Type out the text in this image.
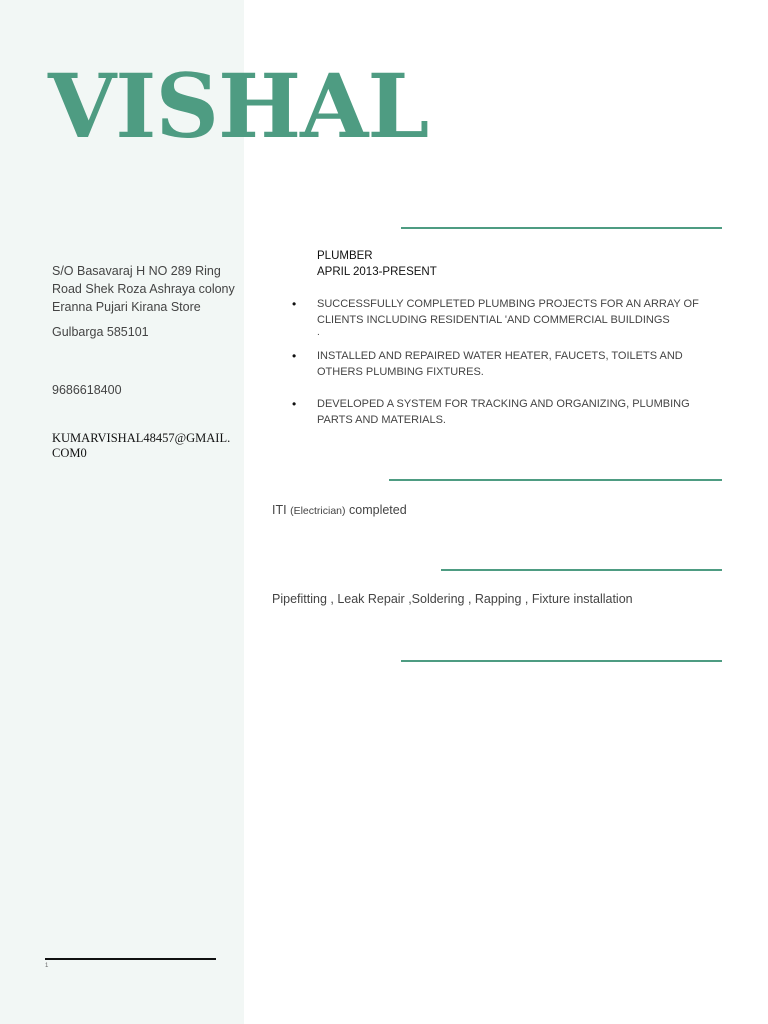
VISHAL
S/O Basavaraj H NO 289 Ring
Road Shek Roza Ashraya colony
Eranna Pujari Kirana Store
Gulbarga 585101
9686618400
KUMARVISHAL48457@GMAIL.COM0
PLUMBER
APRIL 2013-PRESENT
• SUCCESSFULLY COMPLETED PLUMBING PROJECTS FOR AN ARRAY OF CLIENTS INCLUDING RESIDENTIAL 'AND COMMERCIAL BUILDINGS
.
• INSTALLED AND REPAIRED WATER HEATER, FAUCETS, TOILETS AND OTHERS PLUMBING FIXTURES.
• DEVELOPED A SYSTEM FOR TRACKING AND ORGANIZING, PLUMBING PARTS AND MATERIALS.
ITI (Electrician) completed
Pipefitting , Leak Repair ,Soldering , Rapping , Fixture installation
1
